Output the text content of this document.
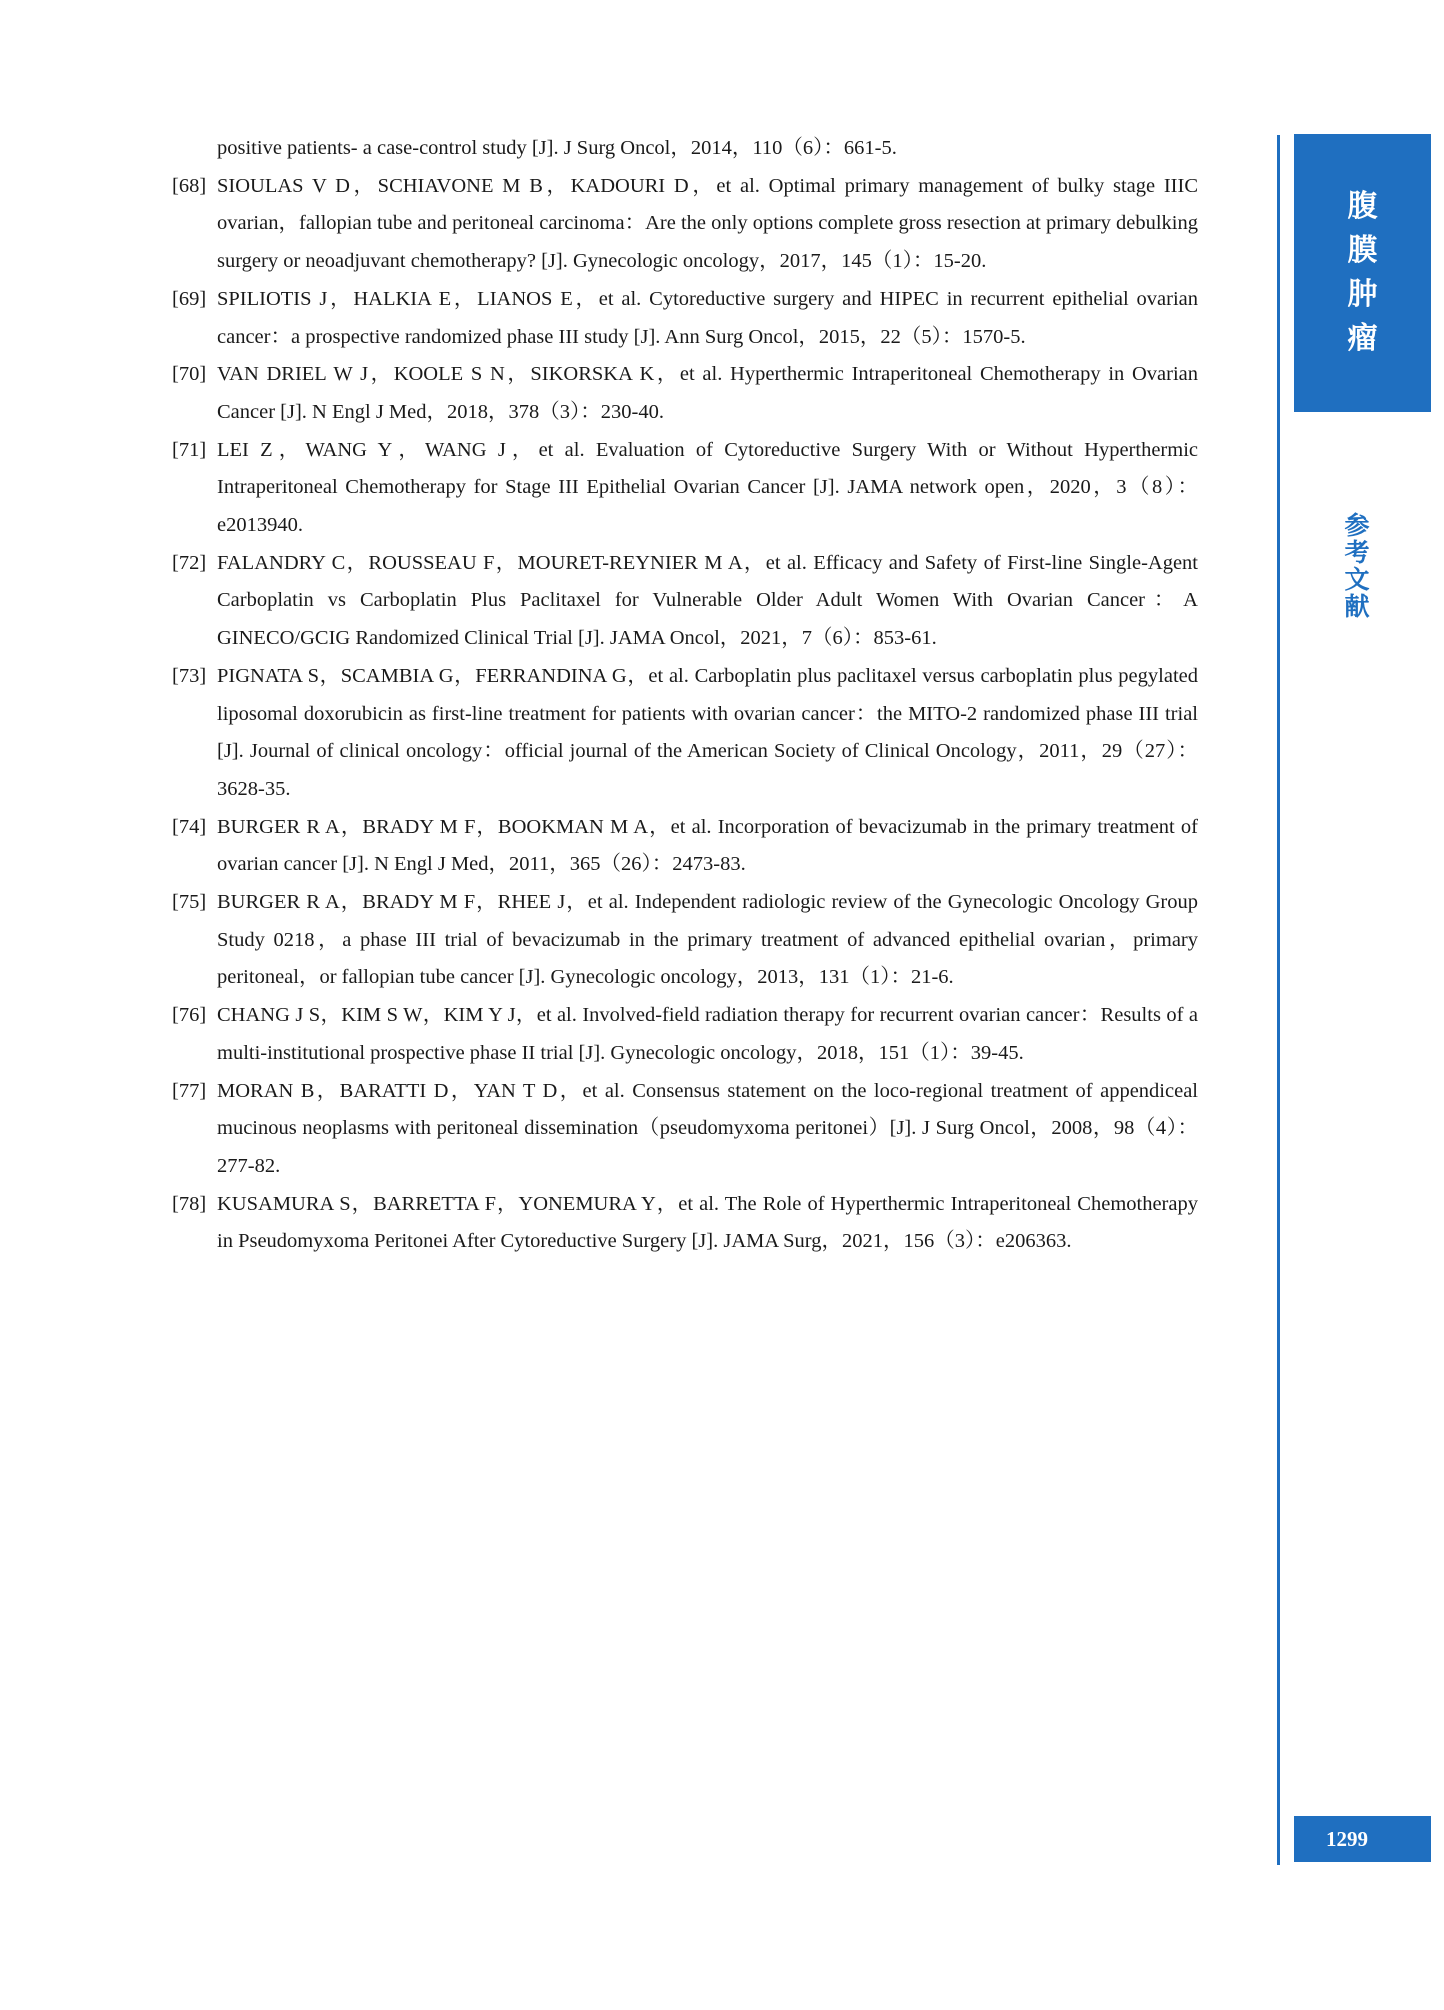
positive patients- a case-control study [J]. J Surg Oncol，2014，110（6）：661-5.
[68] SIOULAS V D，SCHIAVONE M B，KADOURI D，et al. Optimal primary management of bulky stage IIIC ovarian，fallopian tube and peritoneal carcinoma：Are the only options complete gross resection at primary debulking surgery or neoadjuvant chemotherapy? [J]. Gynecologic oncology，2017，145（1）：15-20.
[69] SPILIOTIS J，HALKIA E，LIANOS E，et al. Cytoreductive surgery and HIPEC in recurrent epithelial ovarian cancer：a prospective randomized phase III study [J]. Ann Surg Oncol，2015，22（5）：1570-5.
[70] VAN DRIEL W J，KOOLE S N，SIKORSKA K，et al. Hyperthermic Intraperitoneal Chemotherapy in Ovarian Cancer [J]. N Engl J Med，2018，378（3）：230-40.
[71] LEI Z，WANG Y，WANG J，et al. Evaluation of Cytoreductive Surgery With or Without Hyperthermic Intraperitoneal Chemotherapy for Stage III Epithelial Ovarian Cancer [J]. JAMA network open，2020，3（8）：e2013940.
[72] FALANDRY C，ROUSSEAU F，MOURET-REYNIER M A，et al. Efficacy and Safety of First-line Single-Agent Carboplatin vs Carboplatin Plus Paclitaxel for Vulnerable Older Adult Women With Ovarian Cancer：A GINECO/GCIG Randomized Clinical Trial [J]. JAMA Oncol，2021，7（6）：853-61.
[73] PIGNATA S，SCAMBIA G，FERRANDINA G，et al. Carboplatin plus paclitaxel versus carboplatin plus pegylated liposomal doxorubicin as first-line treatment for patients with ovarian cancer：the MITO-2 randomized phase III trial [J]. Journal of clinical oncology：official journal of the American Society of Clinical Oncology，2011，29（27）：3628-35.
[74] BURGER R A，BRADY M F，BOOKMAN M A，et al. Incorporation of bevacizumab in the primary treatment of ovarian cancer [J]. N Engl J Med，2011，365（26）：2473-83.
[75] BURGER R A，BRADY M F，RHEE J，et al. Independent radiologic review of the Gynecologic Oncology Group Study 0218，a phase III trial of bevacizumab in the primary treatment of advanced epithelial ovarian，primary peritoneal，or fallopian tube cancer [J]. Gynecologic oncology，2013，131（1）：21-6.
[76] CHANG J S，KIM S W，KIM Y J，et al. Involved-field radiation therapy for recurrent ovarian cancer：Results of a multi-institutional prospective phase II trial [J]. Gynecologic oncology，2018，151（1）：39-45.
[77] MORAN B，BARATTI D，YAN T D，et al. Consensus statement on the loco-regional treatment of appendiceal mucinous neoplasms with peritoneal dissemination（pseudomyxoma peritonei）[J]. J Surg Oncol，2008，98（4）：277-82.
[78] KUSAMURA S，BARRETTA F，YONEMURA Y，et al. The Role of Hyperthermic Intraperitoneal Chemotherapy in Pseudomyxoma Peritonei After Cytoreductive Surgery [J]. JAMA Surg，2021，156（3）：e206363.
腹
膜
肿
瘤
参
考
文
献
1299
